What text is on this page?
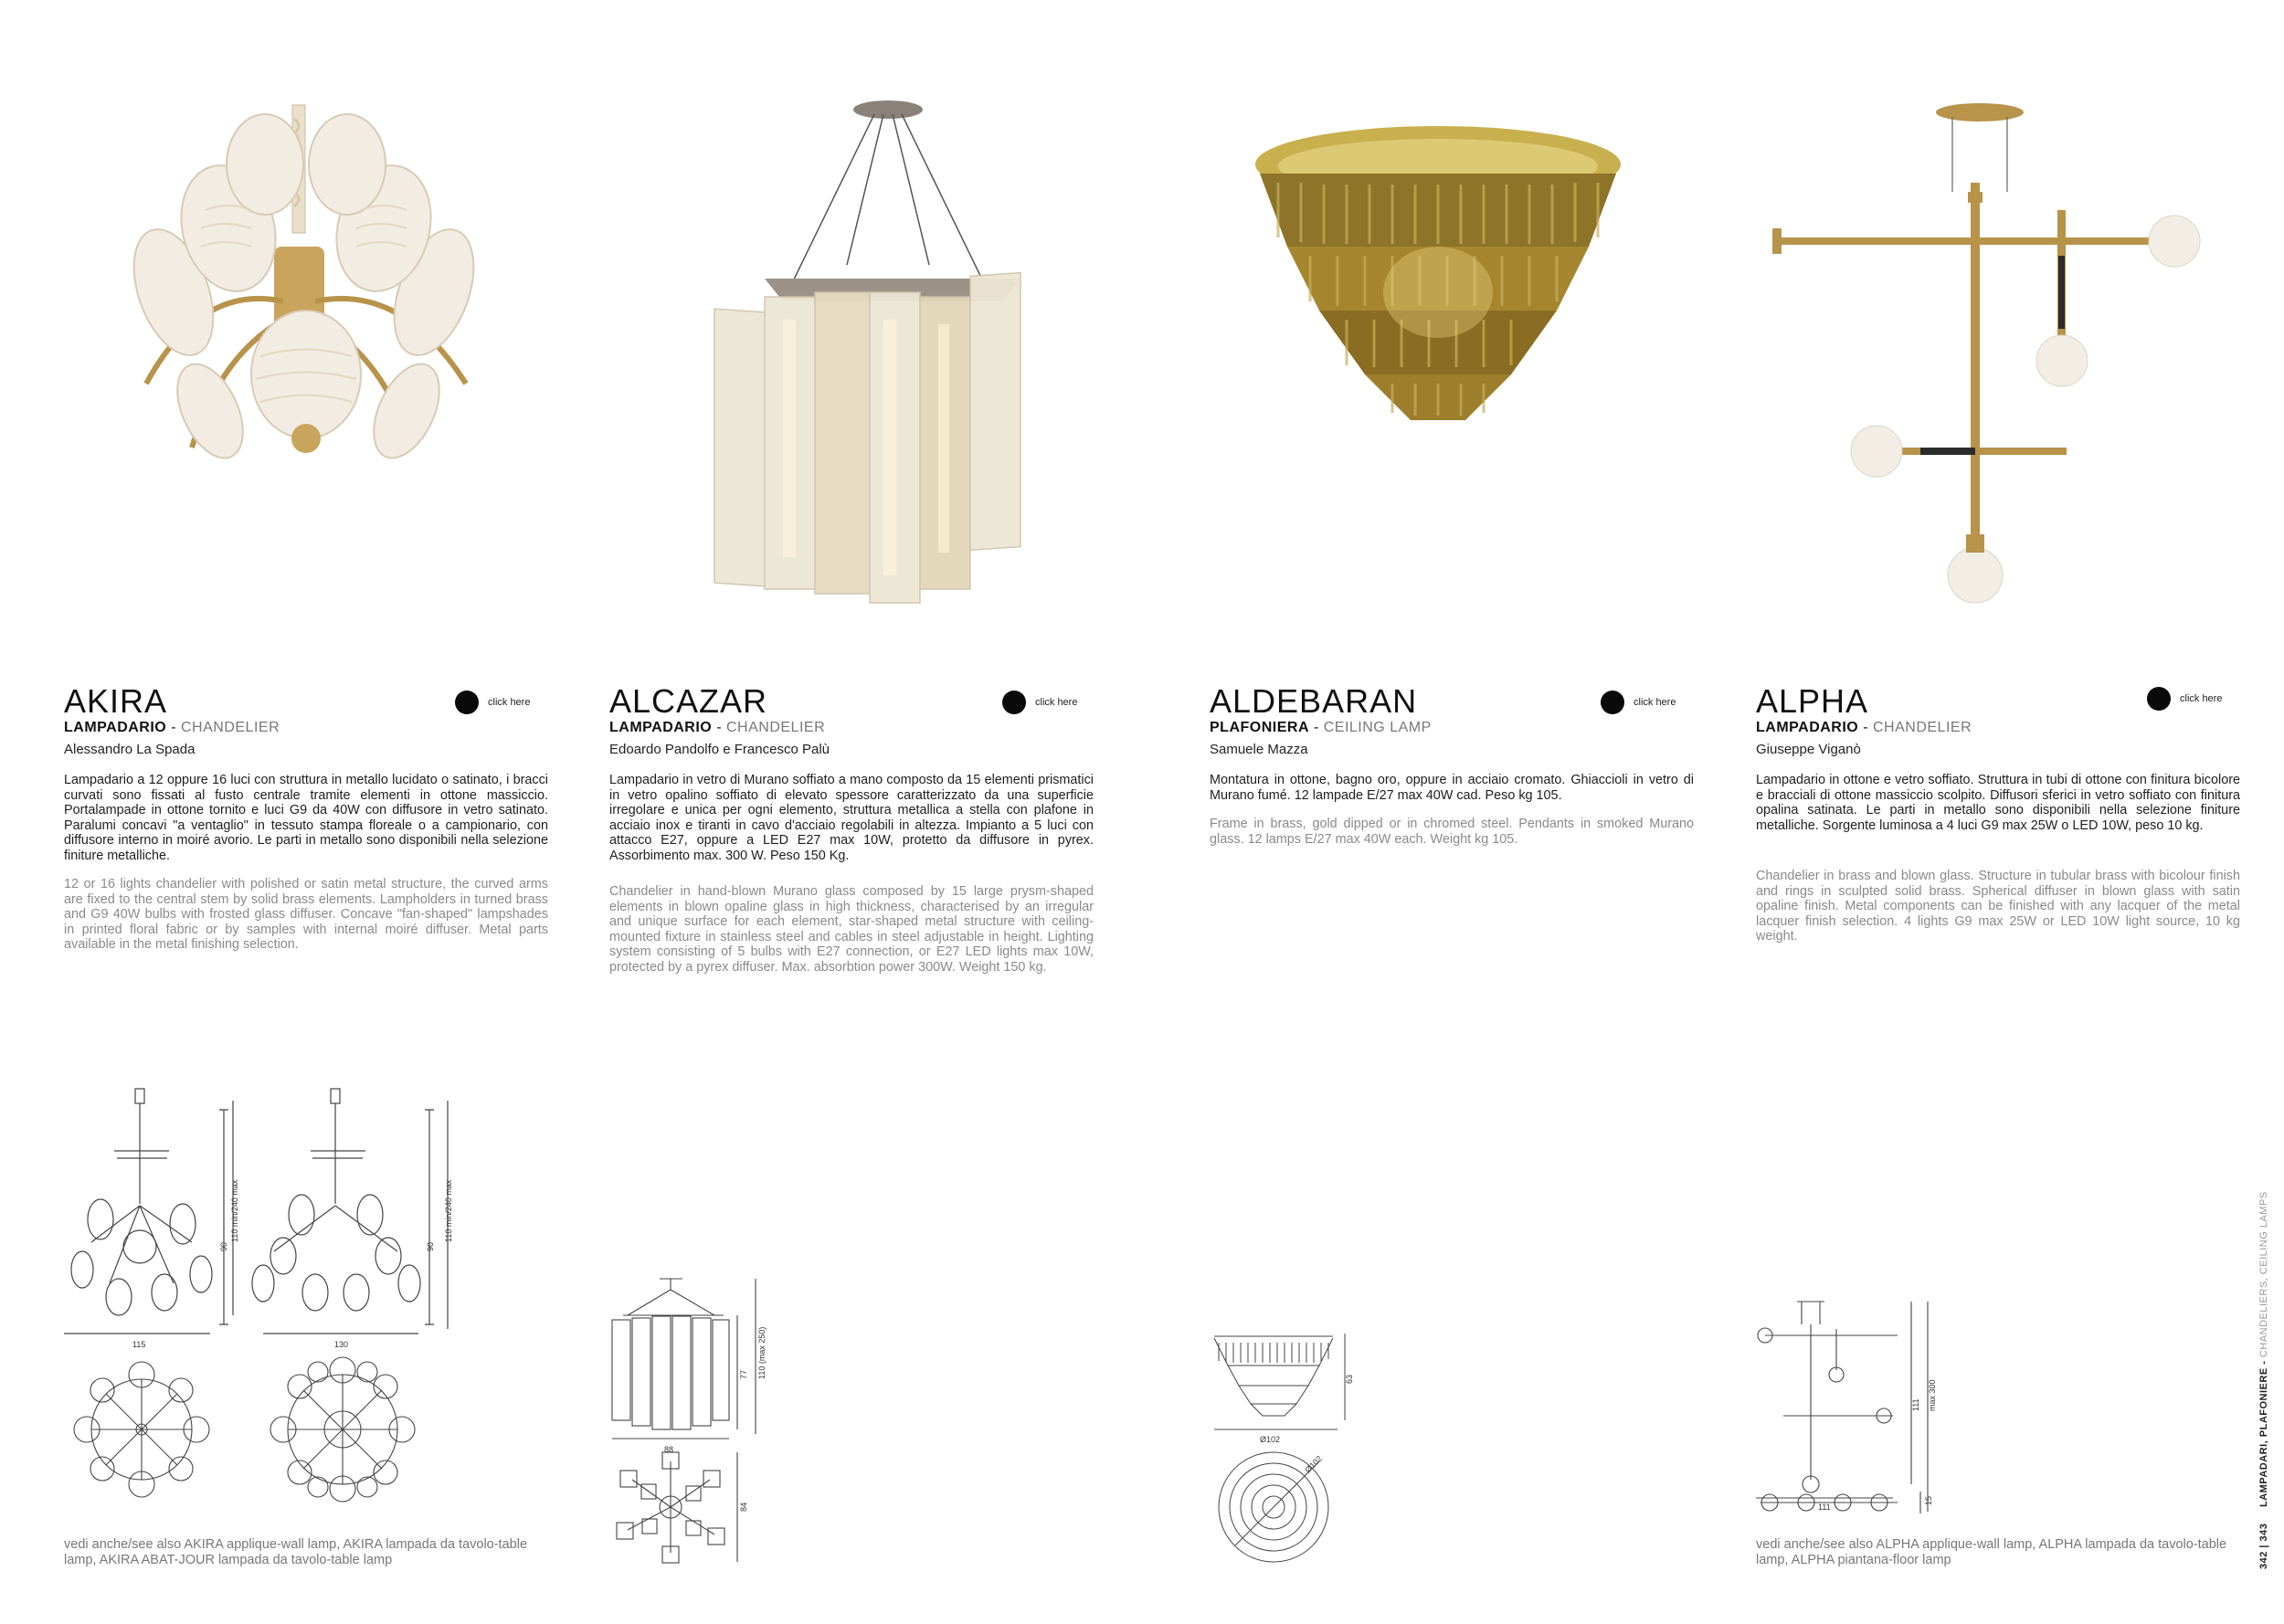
AKIRA	click here
LAMPADARIO - CHANDELIER
Alessandro La Spada

Lampadario a 12 oppure 16 luci con struttura in metallo lucidato o satinato, i bracci curvati sono fissati al fusto centrale tramite elementi in ottone massiccio. Portalampade in ottone tornito e luci G9 da 40W con diffusore in vetro satinato. Paralumi concavi "a ventaglio" in tessuto stampa floreale o a campionario, con diffusore interno in moiré avorio. Le parti in metallo sono disponibili nella selezione finiture metalliche.

12 or 16 lights chandelier with polished or satin metal structure, the curved arms are fixed to the central stem by solid brass elements. Lampholders in turned brass and G9 40W bulbs with frosted glass diffuser. Concave "fan-shaped" lampshades in printed floral fabric or by samples with internal moiré diffuser. Metal parts available in the metal finishing selection.

115
90
110 min/240 max
130
90
110 min/240 max

vedi anche/see also AKIRA applique-wall lamp, AKIRA lampada da tavolo-table lamp, AKIRA ABAT-JOUR lampada da tavolo-table lamp

ALCAZAR	click here
LAMPADARIO - CHANDELIER
Edoardo Pandolfo e Francesco Palù

Lampadario in vetro di Murano soffiato a mano composto da 15 elementi prismatici in vetro opalino soffiato di elevato spessore caratterizzato da una superficie irregolare e unica per ogni elemento, struttura metallica a stella con plafone in acciaio inox e tiranti in cavo d'acciaio regolabili in altezza. Impianto a 5 luci con attacco E27, oppure a LED E27 max 10W, protetto da diffusore in pyrex. Assorbimento max. 300 W. Peso 150 Kg.

Chandelier in hand-blown Murano glass composed by 15 large prysm-shaped elements in blown opaline glass in high thickness, characterised by an irregular and unique surface for each element, star-shaped metal structure with ceiling-mounted fixture in stainless steel and cables in steel adjustable in height. Lighting system consisting of 5 bulbs with E27 connection, or E27 LED lights max 10W, protected by a pyrex diffuser. Max. absorbtion power 300W. Weight 150 kg.

88
77 110 (max 250)
84

ALDEBARAN	click here
PLAFONIERA - CEILING LAMP
Samuele Mazza

Montatura in ottone, bagno oro, oppure in acciaio cromato. Ghiaccioli in vetro di Murano fumé. 12 lampade E/27 max 40W cad. Peso kg 105.

Frame in brass, gold dipped or in chromed steel. Pendants in smoked Murano glass. 12 lamps E/27 max 40W each. Weight kg 105.

Ø102
63
Ø102

ALPHA	click here
LAMPADARIO - CHANDELIER
Giuseppe Viganò

Lampadario in ottone e vetro soffiato. Struttura in tubi di ottone con finitura bicolore e bracciali di ottone massiccio scolpito. Diffusori sferici in vetro soffiato con finitura opalina satinata. Le parti in metallo sono disponibili nella selezione finiture metalliche. Sorgente luminosa a 4 luci G9 max 25W o LED 10W, peso 10 kg.

Chandelier in brass and blown glass. Structure in tubular brass with bicolour finish and rings in sculpted solid brass. Spherical diffuser in blown glass with satin opaline finish. Metal components can be finished with any lacquer of the metal lacquer finish selection. 4 lights G9 max 25W or LED 10W light source, 10 kg weight.

111
111 max 300
15

vedi anche/see also ALPHA applique-wall lamp, ALPHA lampada da tavolo-table lamp, ALPHA piantana-floor lamp	342 | 343 LAMPADARI, PLAFONIERE - CHANDELIERS, CEILING LAMPS
